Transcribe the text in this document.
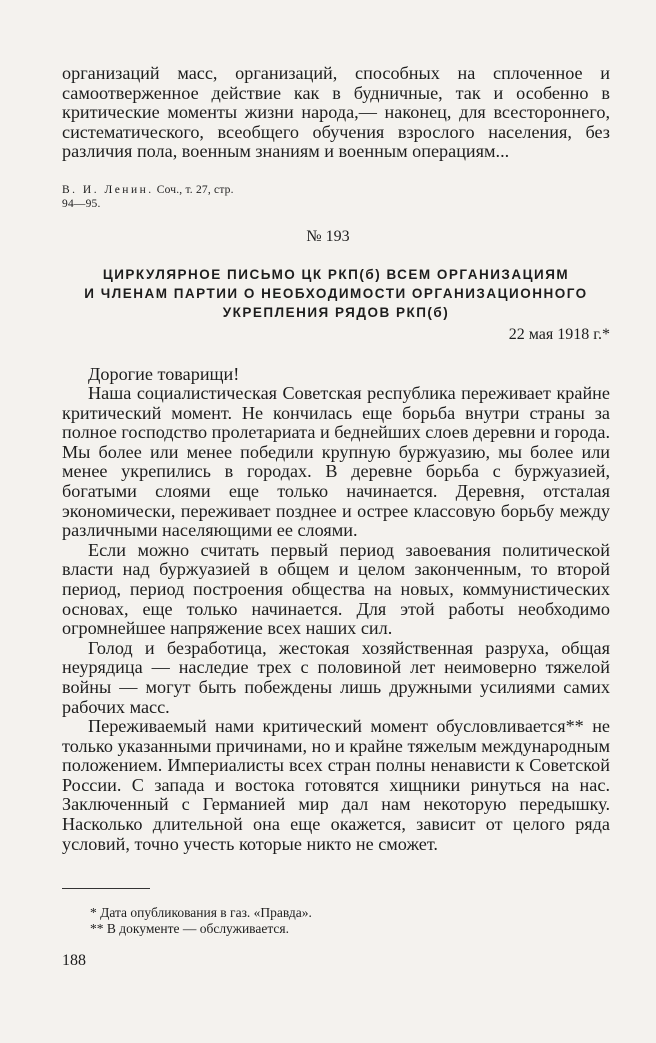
организаций масс, организаций, способных на сплоченное и самоотверженное действие как в будничные, так и особенно в критические моменты жизни народа,— наконец, для всестороннего, систематического, всеобщего обучения взрослого населения, без различия пола, военным знаниям и военным операциям...

В. И. Ленин. Соч., т. 27, стр.
94—95.
№ 193
ЦИРКУЛЯРНОЕ ПИСЬМО ЦК РКП(б) ВСЕМ ОРГАНИЗАЦИЯМ
И ЧЛЕНАМ ПАРТИИ О НЕОБХОДИМОСТИ ОРГАНИЗАЦИОННОГО
УКРЕПЛЕНИЯ РЯДОВ РКП(б)
22 мая 1918 г.*
Дорогие товарищи!

Наша социалистическая Советская республика переживает крайне критический момент. Не кончилась еще борьба внутри страны за полное господство пролетариата и беднейших слоев деревни и города. Мы более или менее победили крупную буржуазию, мы более или менее укрепились в городах. В деревне борьба с буржуазией, богатыми слоями еще только начинается. Деревня, отсталая экономически, переживает позднее и острее классовую борьбу между различными населяющими ее слоями.

Если можно считать первый период завоевания политической власти над буржуазией в общем и целом законченным, то второй период, период построения общества на новых, коммунистических основах, еще только начинается. Для этой работы необходимо огромнейшее напряжение всех наших сил.

Голод и безработица, жестокая хозяйственная разруха, общая неурядица — наследие трех с половиной лет неимоверно тяжелой войны — могут быть побеждены лишь дружными усилиями самих рабочих масс.

Переживаемый нами критический момент обусловливается** не только указанными причинами, но и крайне тяжелым международным положением. Империалисты всех стран полны ненависти к Советской России. С запада и востока готовятся хищники ринуться на нас. Заключенный с Германией мир дал нам некоторую передышку. Насколько длительной она еще окажется, зависит от целого ряда условий, точно учесть которые никто не сможет.

* Дата опубликования в газ. «Правда».
** В документе — обслуживается.
188
